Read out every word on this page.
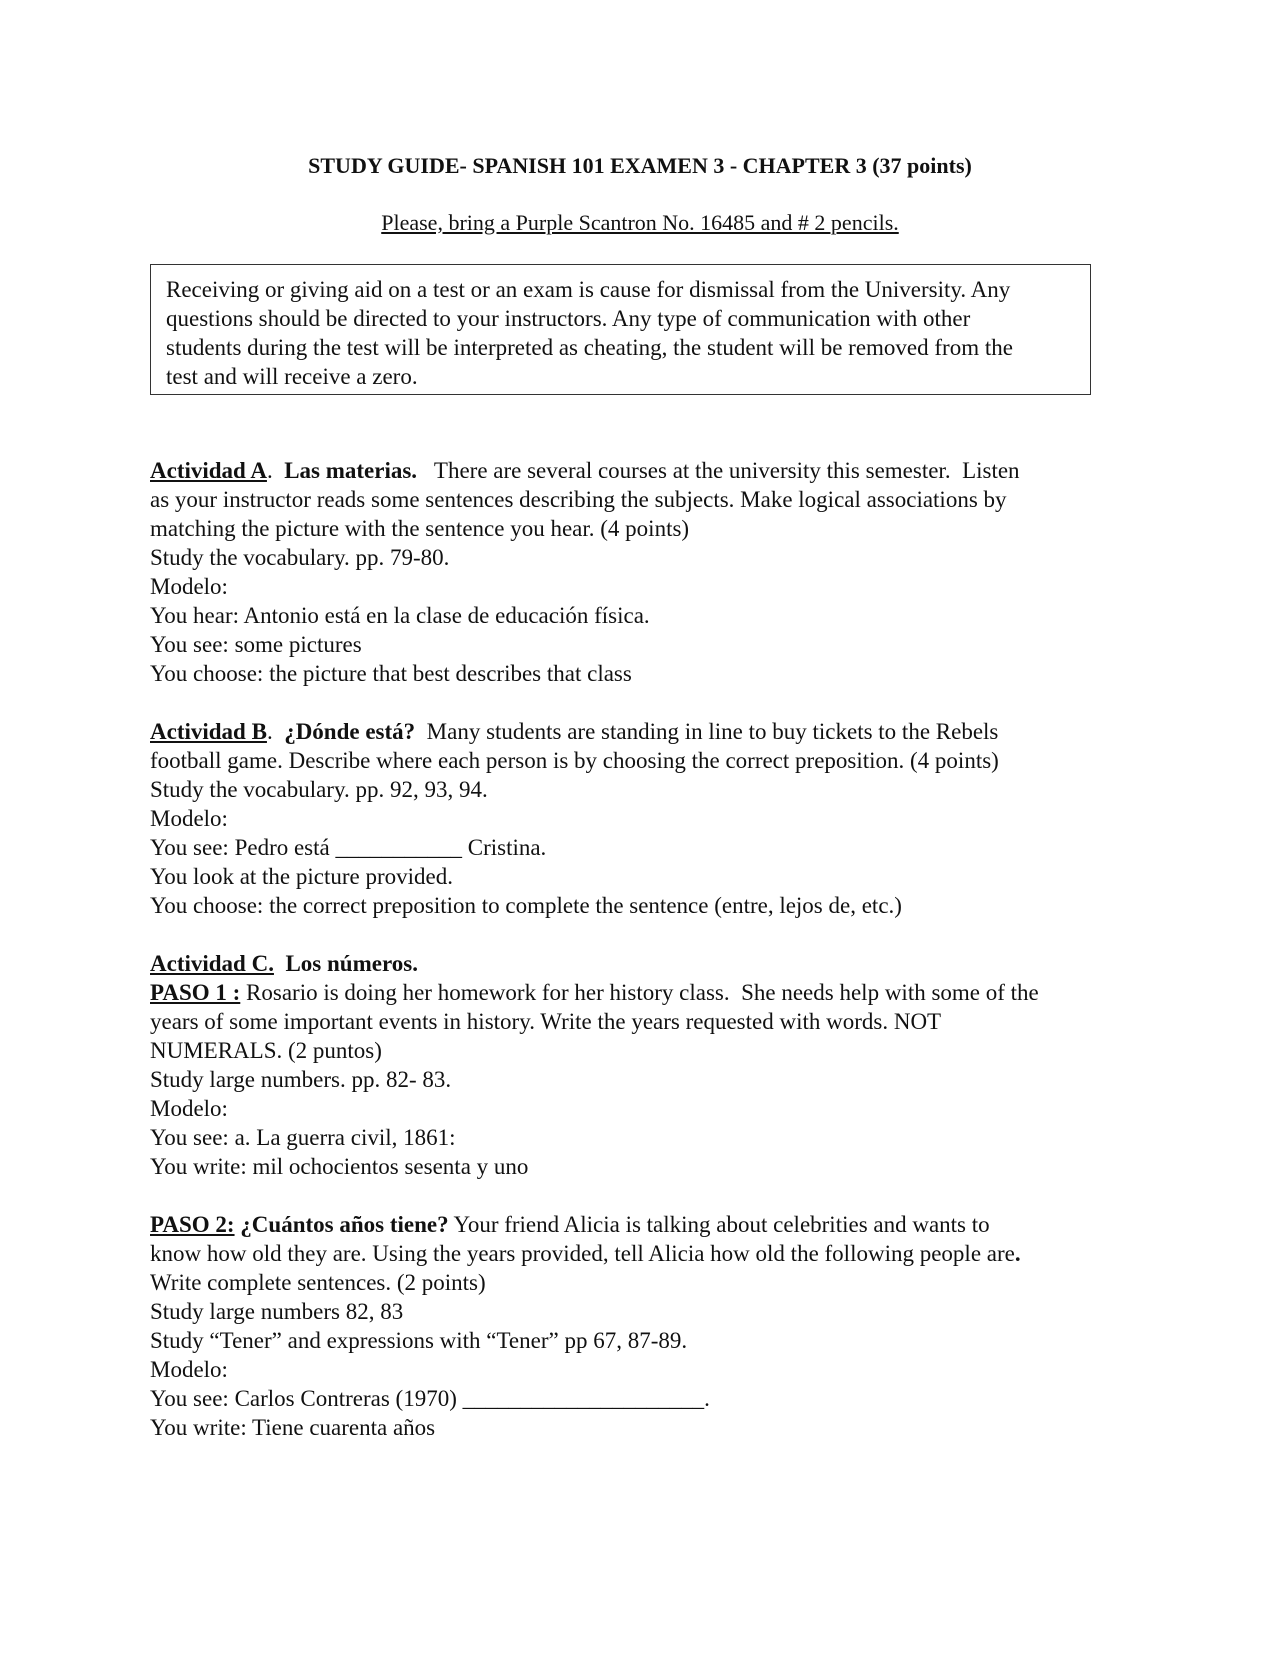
STUDY GUIDE- SPANISH 101 EXAMEN 3 - CHAPTER 3 (37 points)
Please, bring a Purple Scantron No. 16485 and # 2 pencils.
Receiving or giving aid on a test or an exam is cause for dismissal from the University. Any
questions should be directed to your instructors. Any type of communication with other
students during the test will be interpreted as cheating, the student will be removed from the
test and will receive a zero.
Actividad A.  Las materias.   There are several courses at the university this semester.  Listen
as your instructor reads some sentences describing the subjects. Make logical associations by
matching the picture with the sentence you hear. (4 points)
Study the vocabulary. pp. 79-80.
Modelo:
You hear: Antonio está en la clase de educación física.
You see: some pictures
You choose: the picture that best describes that class
Actividad B.  ¿Dónde está?  Many students are standing in line to buy tickets to the Rebels
football game. Describe where each person is by choosing the correct preposition. (4 points)
Study the vocabulary. pp. 92, 93, 94.
Modelo:
You see: Pedro está ___________ Cristina.
You look at the picture provided.
You choose: the correct preposition to complete the sentence (entre, lejos de, etc.)
Actividad C.  Los números.
PASO 1 : Rosario is doing her homework for her history class.  She needs help with some of the
years of some important events in history. Write the years requested with words. NOT
NUMERALS. (2 puntos)
Study large numbers. pp. 82- 83.
Modelo:
You see: a. La guerra civil, 1861:
You write: mil ochocientos sesenta y uno
PASO 2: ¿Cuántos años tiene? Your friend Alicia is talking about celebrities and wants to
know how old they are. Using the years provided, tell Alicia how old the following people are.
Write complete sentences. (2 points)
Study large numbers 82, 83
Study “Tener” and expressions with “Tener” pp 67, 87-89.
Modelo:
You see: Carlos Contreras (1970) _____________________.
You write: Tiene cuarenta años
